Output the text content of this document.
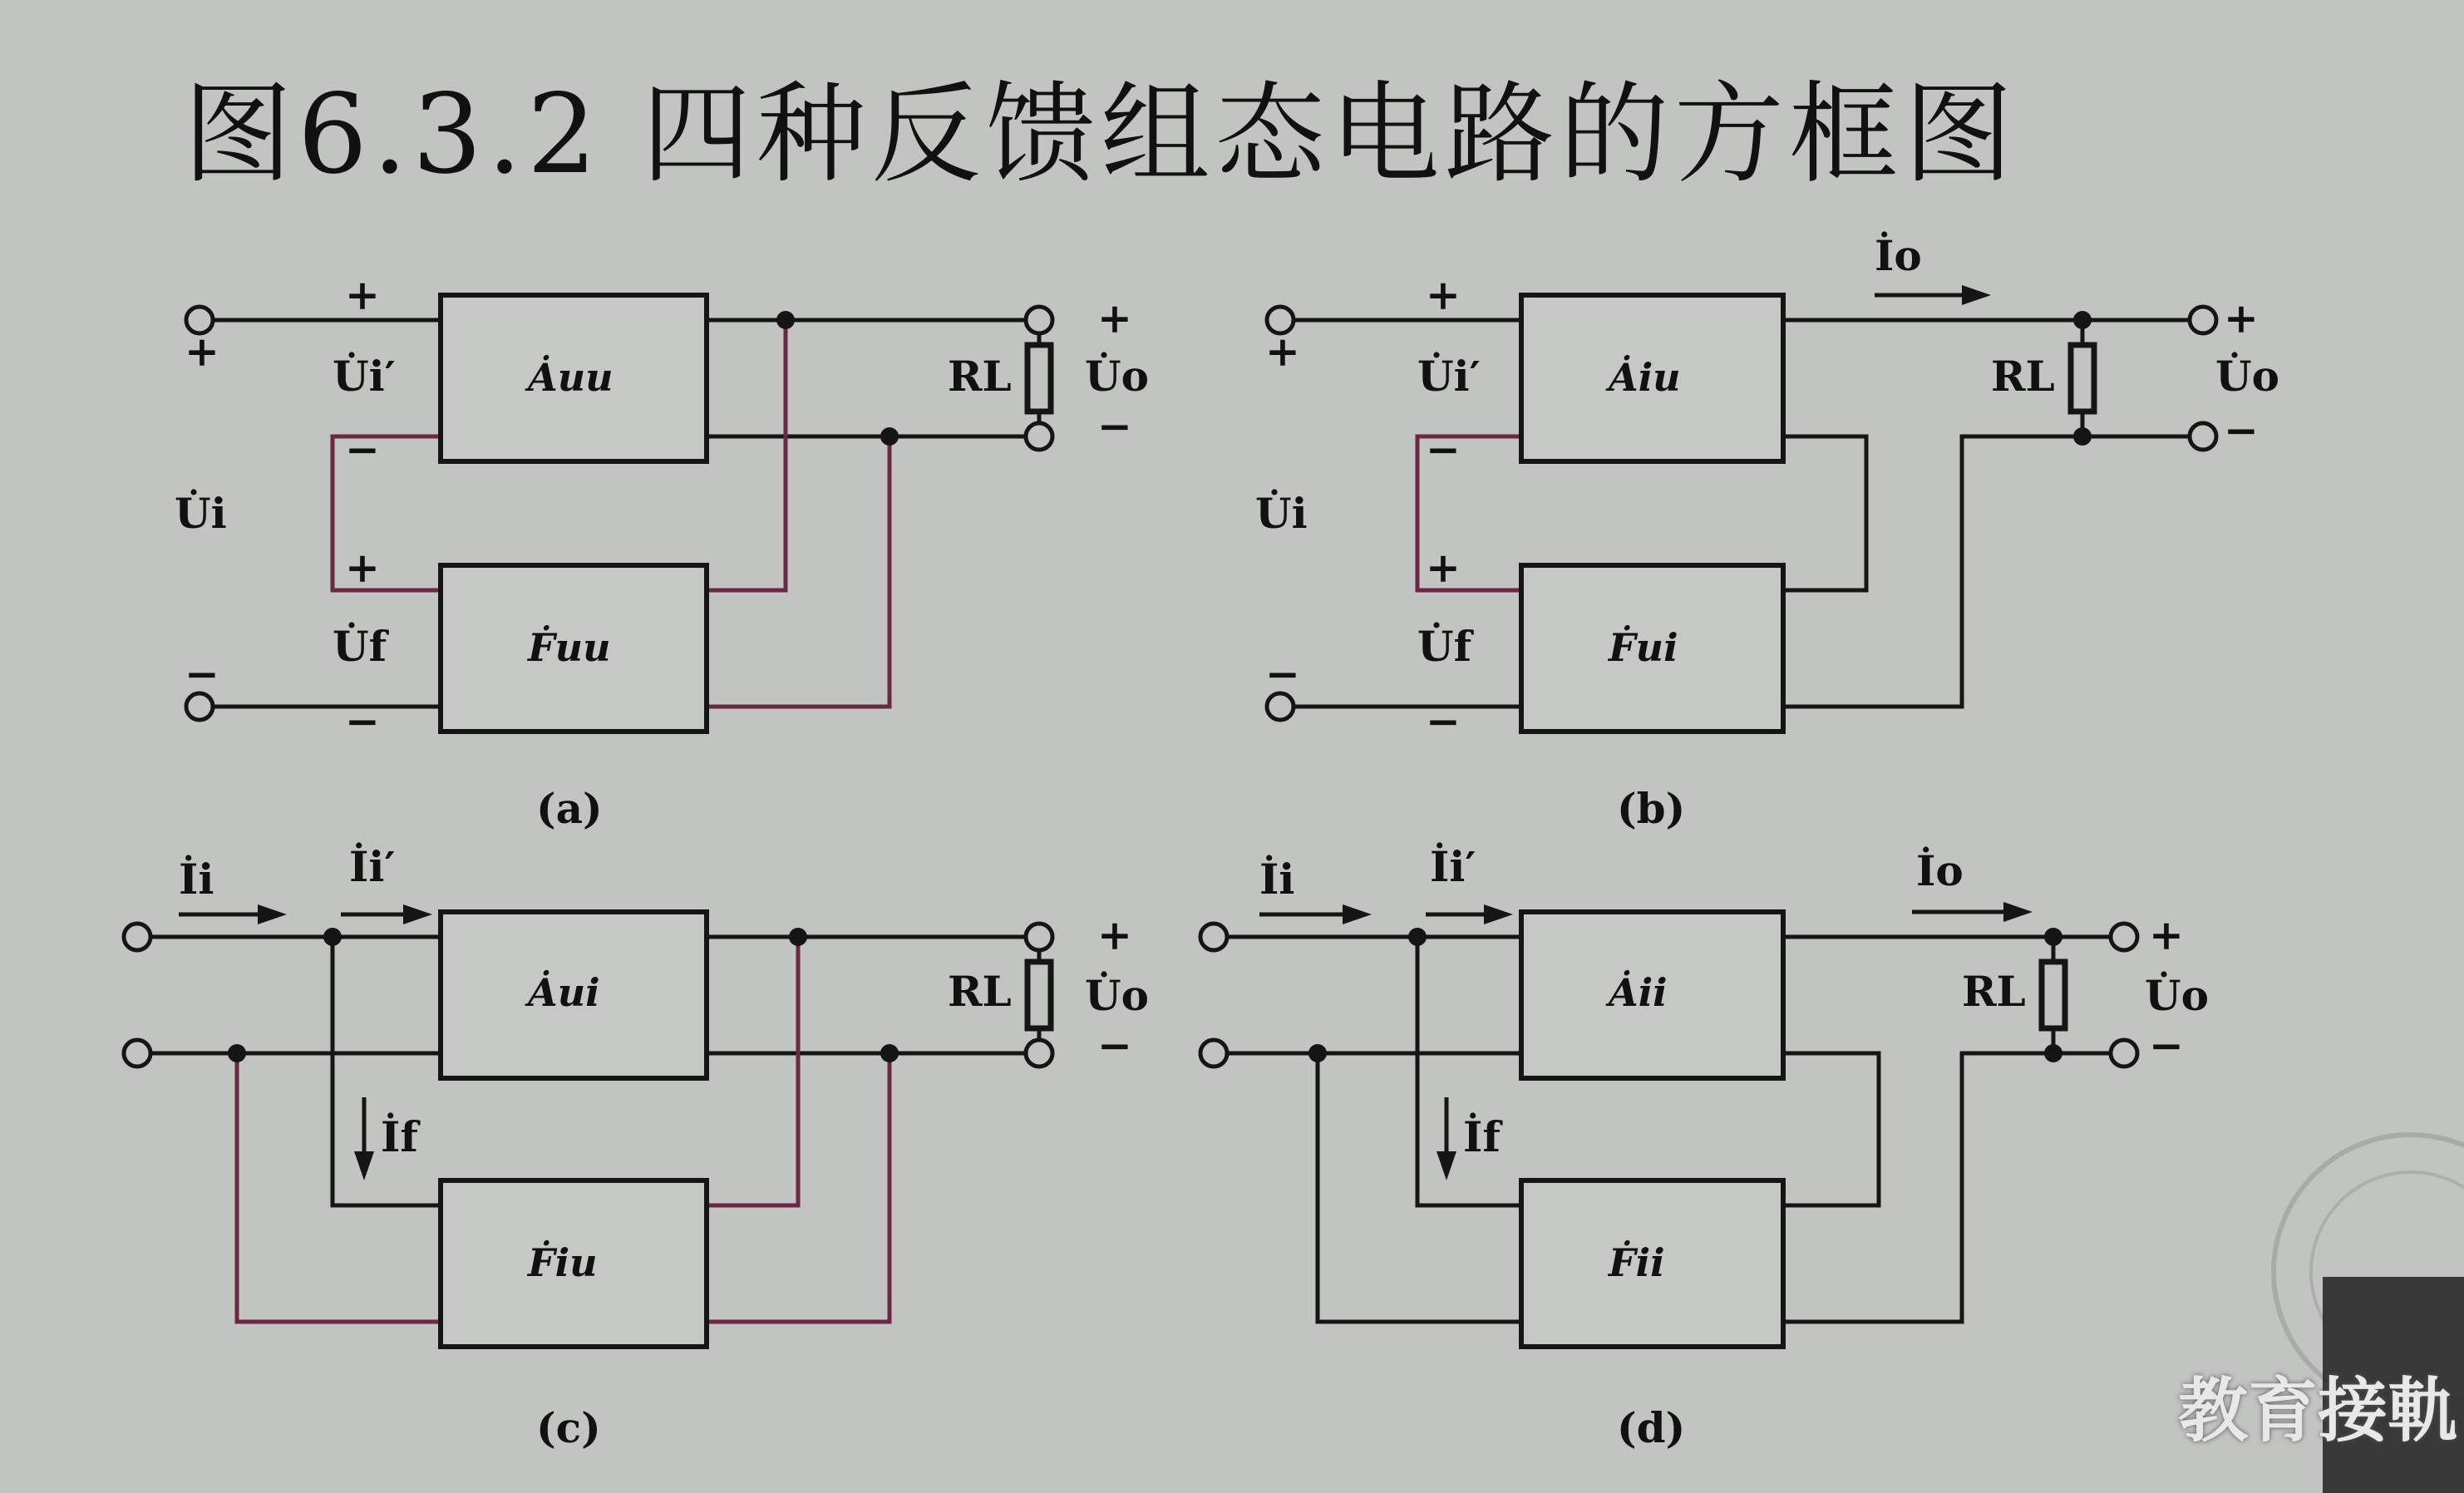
图6.3.2 四种反馈组态电路的方框图
Ȧuu
Ḟuu
U̇i
U̇i′
U̇f
RL U̇o
+
−
+
−
+
−
+
−
(a)
Ȧiu
Ḟui
U̇i
U̇i′
U̇f
İo
RL	U̇o
+
−
+
−
+
−
+
−
(b)
Ȧui
Ḟiu
İi	İi′
İf
RL U̇o
+
−
(c)
Ȧii
Ḟii
İi	İi′
İf
İo
RL	U̇o
+
−
(d)	教育接軌
